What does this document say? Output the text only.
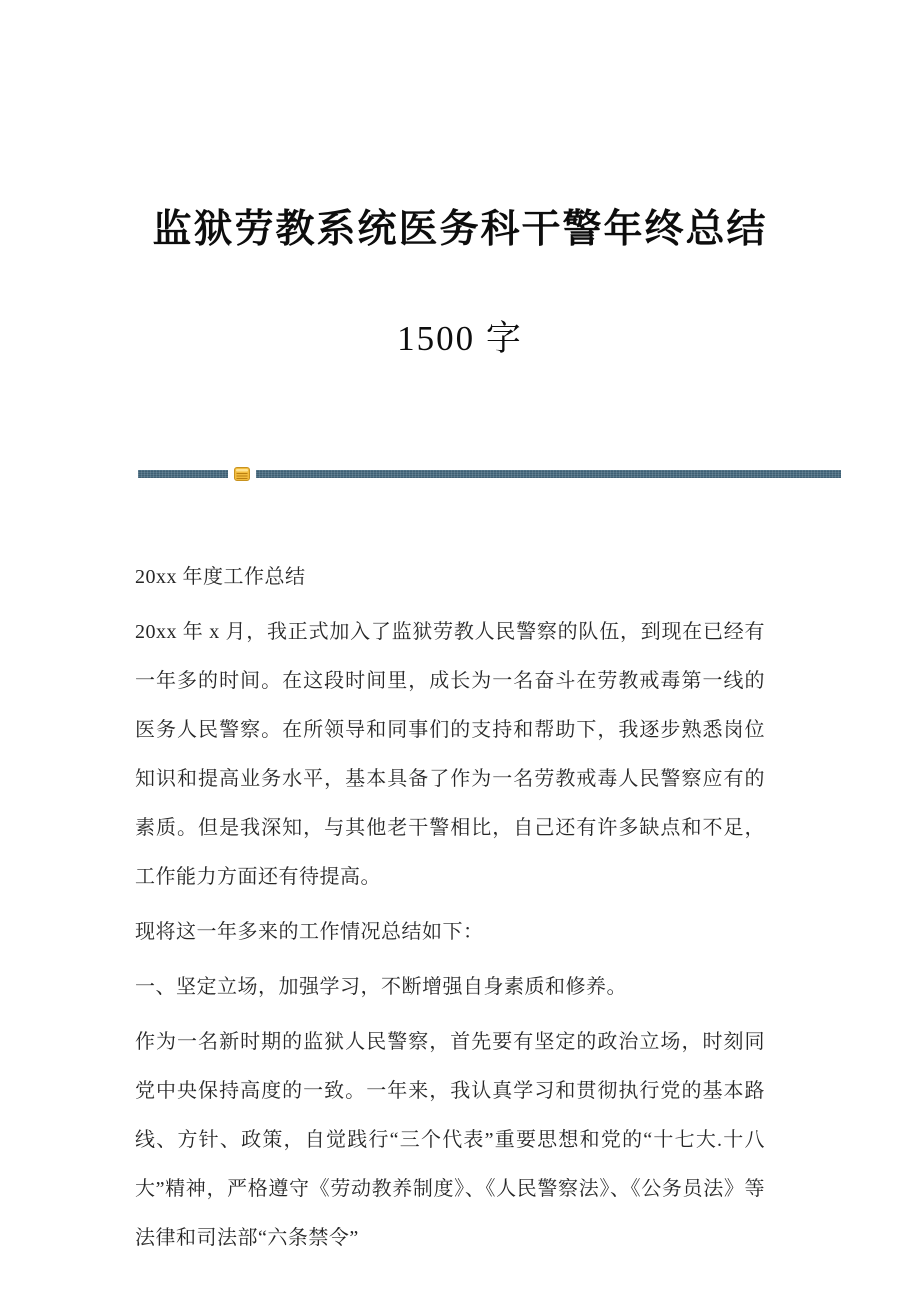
监狱劳教系统医务科干警年终总结
1500 字

20xx 年度工作总结

20xx 年 x 月，我正式加入了监狱劳教人民警察的队伍，到现在已经有一年多的时间。在这段时间里，成长为一名奋斗在劳教戒毒第一线的医务人民警察。在所领导和同事们的支持和帮助下，我逐步熟悉岗位知识和提高业务水平，基本具备了作为一名劳教戒毒人民警察应有的素质。但是我深知，与其他老干警相比，自己还有许多缺点和不足，工作能力方面还有待提高。

现将这一年多来的工作情况总结如下：

一、坚定立场，加强学习，不断增强自身素质和修养。

作为一名新时期的监狱人民警察，首先要有坚定的政治立场，时刻同党中央保持高度的一致。一年来，我认真学习和贯彻执行党的基本路线、方针、政策，自觉践行“三个代表”重要思想和党的“十七大.十八大”精神，严格遵守《劳动教养制度》、《人民警察法》、《公务员法》等法律和司法部“六条禁令”
